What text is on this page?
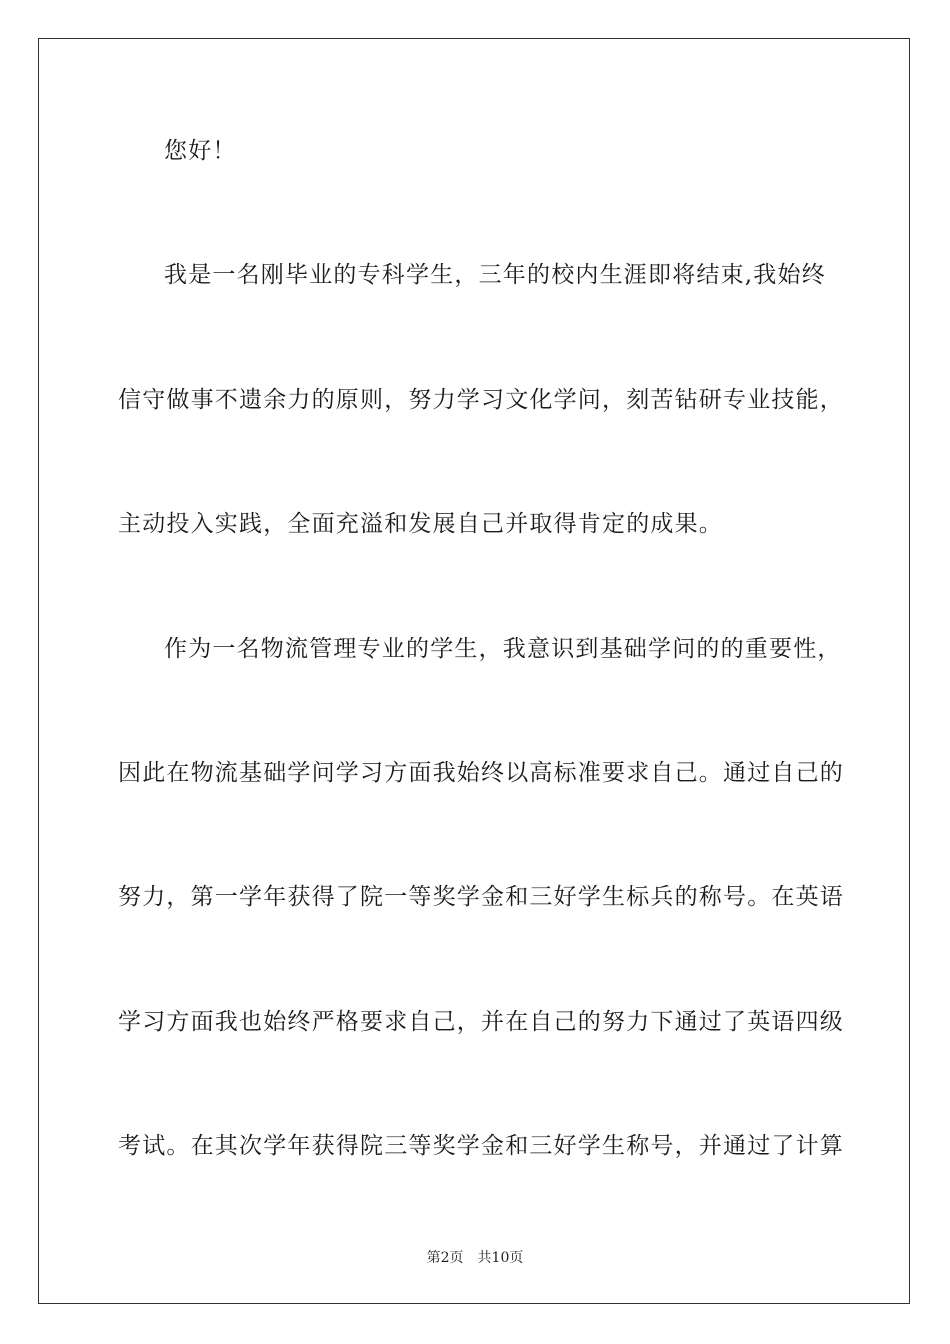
您好！
我是一名刚毕业的专科学生，三年的校内生涯即将结束,我始终
信守做事不遗余力的原则，努力学习文化学问，刻苦钻研专业技能，
主动投入实践，全面充溢和发展自己并取得肯定的成果。
作为一名物流管理专业的学生，我意识到基础学问的的重要性，
因此在物流基础学问学习方面我始终以高标准要求自己。通过自己的
努力，第一学年获得了院一等奖学金和三好学生标兵的称号。在英语
学习方面我也始终严格要求自己，并在自己的努力下通过了英语四级
考试。在其次学年获得院三等奖学金和三好学生称号，并通过了计算
第2页 共10页
